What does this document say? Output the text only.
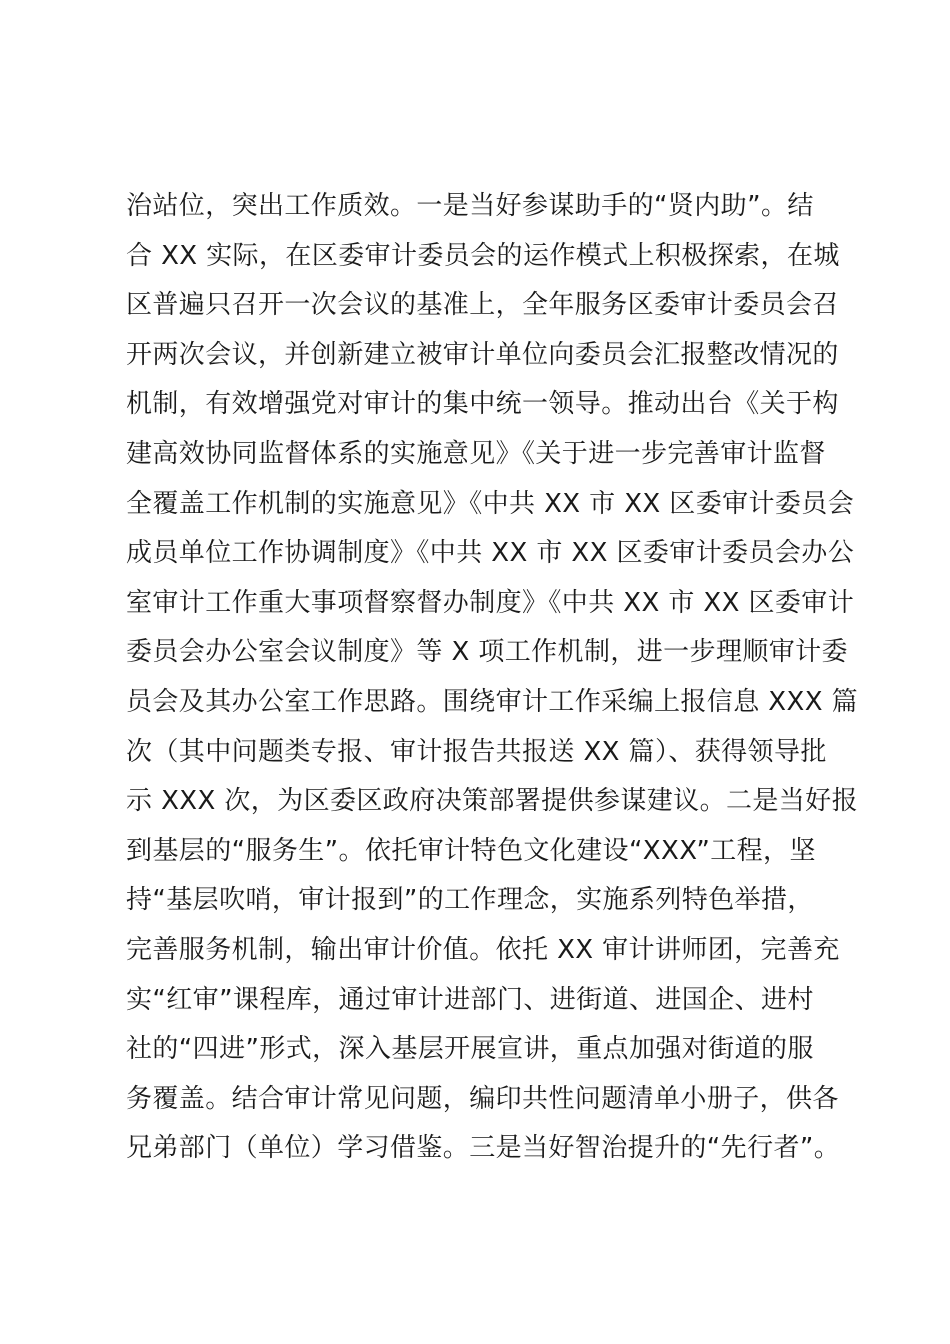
治站位，突出工作质效。一是当好参谋助手的“贤内助”。结
合 XX 实际，在区委审计委员会的运作模式上积极探索，在城
区普遍只召开一次会议的基准上，全年服务区委审计委员会召
开两次会议，并创新建立被审计单位向委员会汇报整改情况的
机制，有效增强党对审计的集中统一领导。推动出台《关于构
建高效协同监督体系的实施意见》《关于进一步完善审计监督
全覆盖工作机制的实施意见》《中共 XX 市 XX 区委审计委员会
成员单位工作协调制度》《中共 XX 市 XX 区委审计委员会办公
室审计工作重大事项督察督办制度》《中共 XX 市 XX 区委审计
委员会办公室会议制度》等 X 项工作机制，进一步理顺审计委
员会及其办公室工作思路。围绕审计工作采编上报信息 XXX 篇
次（其中问题类专报、审计报告共报送 XX 篇）、获得领导批
示 XXX 次，为区委区政府决策部署提供参谋建议。二是当好报
到基层的“服务生”。依托审计特色文化建设“XXX”工程，坚
持“基层吹哨，审计报到”的工作理念，实施系列特色举措，
完善服务机制，输出审计价值。依托 XX 审计讲师团，完善充
实“红审”课程库，通过审计进部门、进街道、进国企、进村
社的“四进”形式，深入基层开展宣讲，重点加强对街道的服
务覆盖。结合审计常见问题，编印共性问题清单小册子，供各
兄弟部门（单位）学习借鉴。三是当好智治提升的“先行者”。
